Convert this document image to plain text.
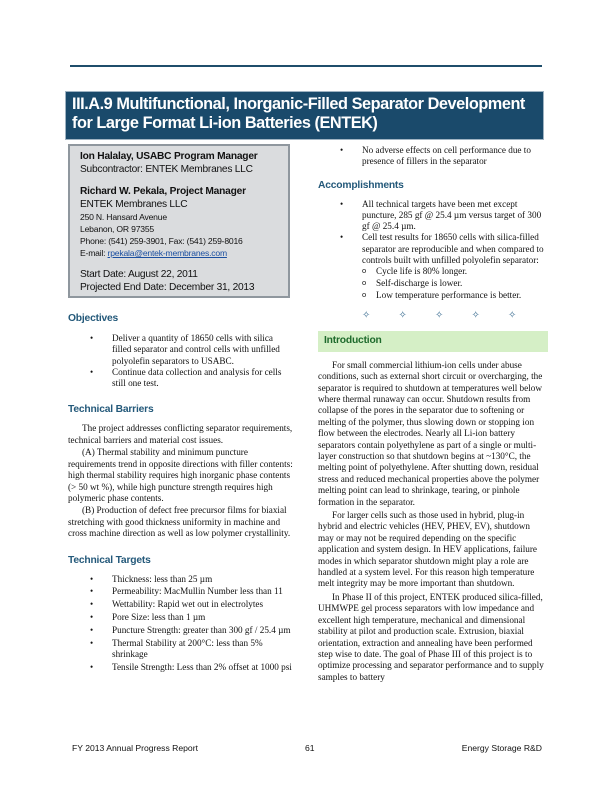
III.A.9 Multifunctional, Inorganic-Filled Separator Development for Large Format Li-ion Batteries (ENTEK)
Ion Halalay, USABC Program Manager
Subcontractor: ENTEK Membranes LLC
Richard W. Pekala, Project Manager
ENTEK Membranes LLC
250 N. Hansard Avenue
Lebanon, OR 97355
Phone: (541) 259-3901, Fax: (541) 259-8016
E-mail: rpekala@entek-membranes.com
Start Date: August 22, 2011
Projected End Date: December 31, 2013
Objectives
• Deliver a quantity of 18650 cells with silica filled separator and control cells with unfilled polyolefin separators to USABC.
• Continue data collection and analysis for cells still one test.
Technical Barriers

The project addresses conflicting separator requirements, technical barriers and material cost issues.

(A) Thermal stability and minimum puncture requirements trend in opposite directions with filler contents: high thermal stability requires high inorganic phase contents (> 50 wt %), while high puncture strength requires high polymeric phase contents.

(B) Production of defect free precursor films for biaxial stretching with good thickness uniformity in machine and cross machine direction as well as low polymer crystallinity.

Technical Targets
• Thickness: less than 25 µm
• Permeability: MacMullin Number less than 11
• Wettability: Rapid wet out in electrolytes
• Pore Size: less than 1 µm
• Puncture Strength: greater than 300 gf / 25.4 µm
• Thermal Stability at 200°C: less than 5% shrinkage
• Tensile Strength: Less than 2% offset at 1000 psi
• No adverse effects on cell performance due to presence of fillers in the separator
Accomplishments
• All technical targets have been met except puncture, 285 gf @ 25.4 µm versus target of 300 gf @ 25.4 µm.
• Cell test results for 18650 cells with silica-filled separator are reproducible and when compared to controls built with unfilled polyolefin separator:
o Cycle life is 80% longer.
o Self-discharge is lower.
o Low temperature performance is better.
✧	✧	✧	✧	✧
Introduction

For small commercial lithium-ion cells under abuse conditions, such as external short circuit or overcharging, the separator is required to shutdown at temperatures well below where thermal runaway can occur. Shutdown results from collapse of the pores in the separator due to softening or melting of the polymer, thus slowing down or stopping ion flow between the electrodes. Nearly all Li-ion battery separators contain polyethylene as part of a single or multi-layer construction so that shutdown begins at ~130°C, the melting point of polyethylene. After shutting down, residual stress and reduced mechanical properties above the polymer melting point can lead to shrinkage, tearing, or pinhole formation in the separator.

For larger cells such as those used in hybrid, plug-in hybrid and electric vehicles (HEV, PHEV, EV), shutdown may or may not be required depending on the specific application and system design. In HEV applications, failure modes in which separator shutdown might play a role are handled at a system level. For this reason high temperature melt integrity may be more important than shutdown.

In Phase II of this project, ENTEK produced silica-filled, UHMWPE gel process separators with low impedance and excellent high temperature, mechanical and dimensional stability at pilot and production scale. Extrusion, biaxial orientation, extraction and annealing have been performed step wise to date. The goal of Phase III of this project is to optimize processing and separator performance and to supply samples to battery

FY 2013 Annual Progress Report	61	Energy Storage R&D
